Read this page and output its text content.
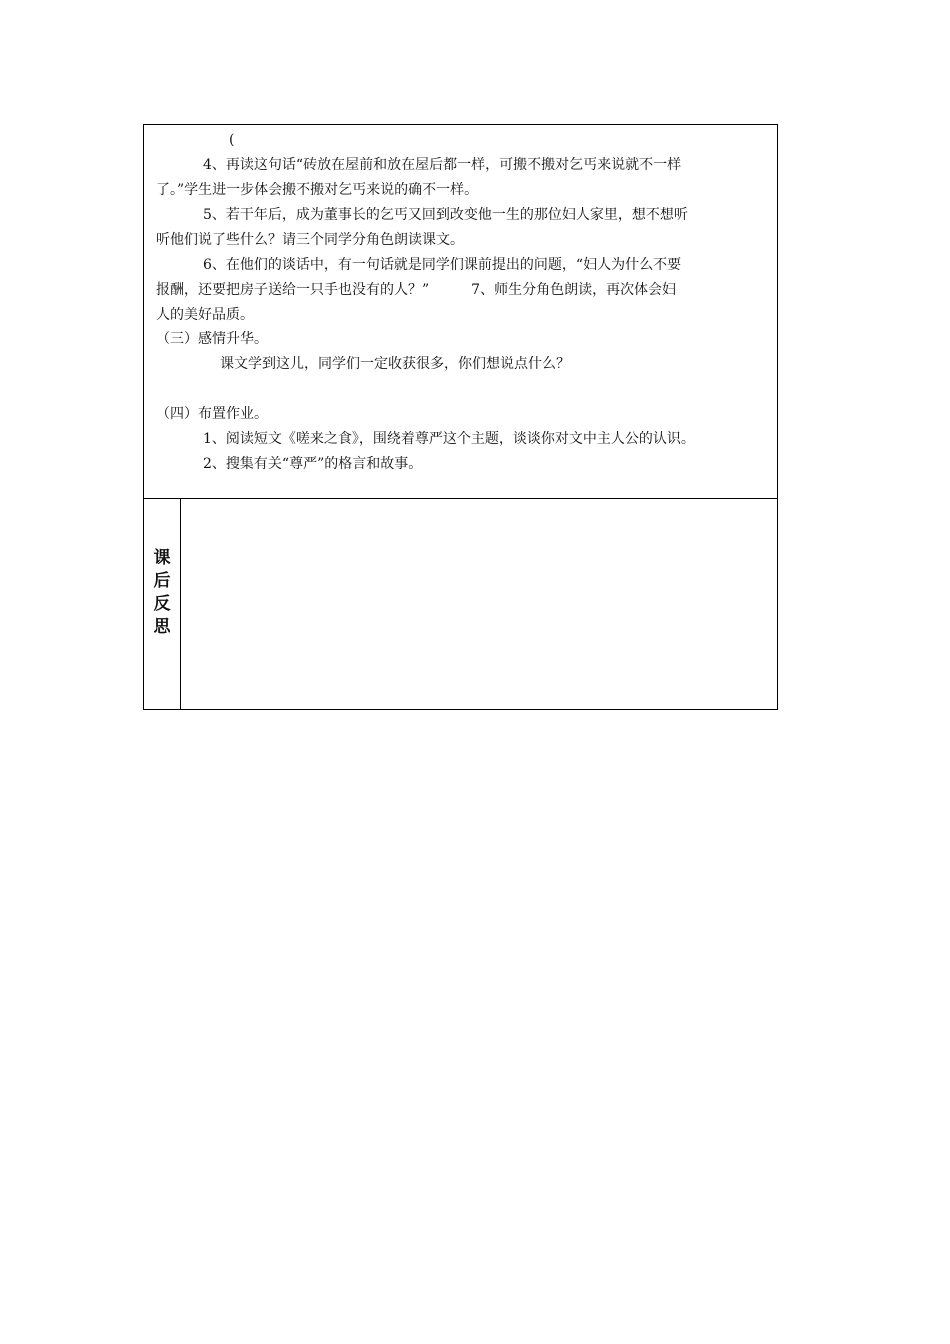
(
4、再读这句话“砖放在屋前和放在屋后都一样，可搬不搬对乞丐来说就不一样
了。”学生进一步体会搬不搬对乞丐来说的确不一样。
5、若干年后，成为董事长的乞丐又回到改变他一生的那位妇人家里，想不想听
听他们说了些什么？请三个同学分角色朗读课文。
6、在他们的谈话中，有一句话就是同学们课前提出的问题，“妇人为什么不要
报酬，还要把房子送给一只手也没有的人？”　　　7、师生分角色朗读，再次体会妇
人的美好品质。
（三）感情升华。
课文学到这儿，同学们一定收获很多，你们想说点什么？
（四）布置作业。
1、阅读短文《嗟来之食》，围绕着尊严这个主题，谈谈你对文中主人公的认识。
2、搜集有关“尊严”的格言和故事。
课
后
反
思
